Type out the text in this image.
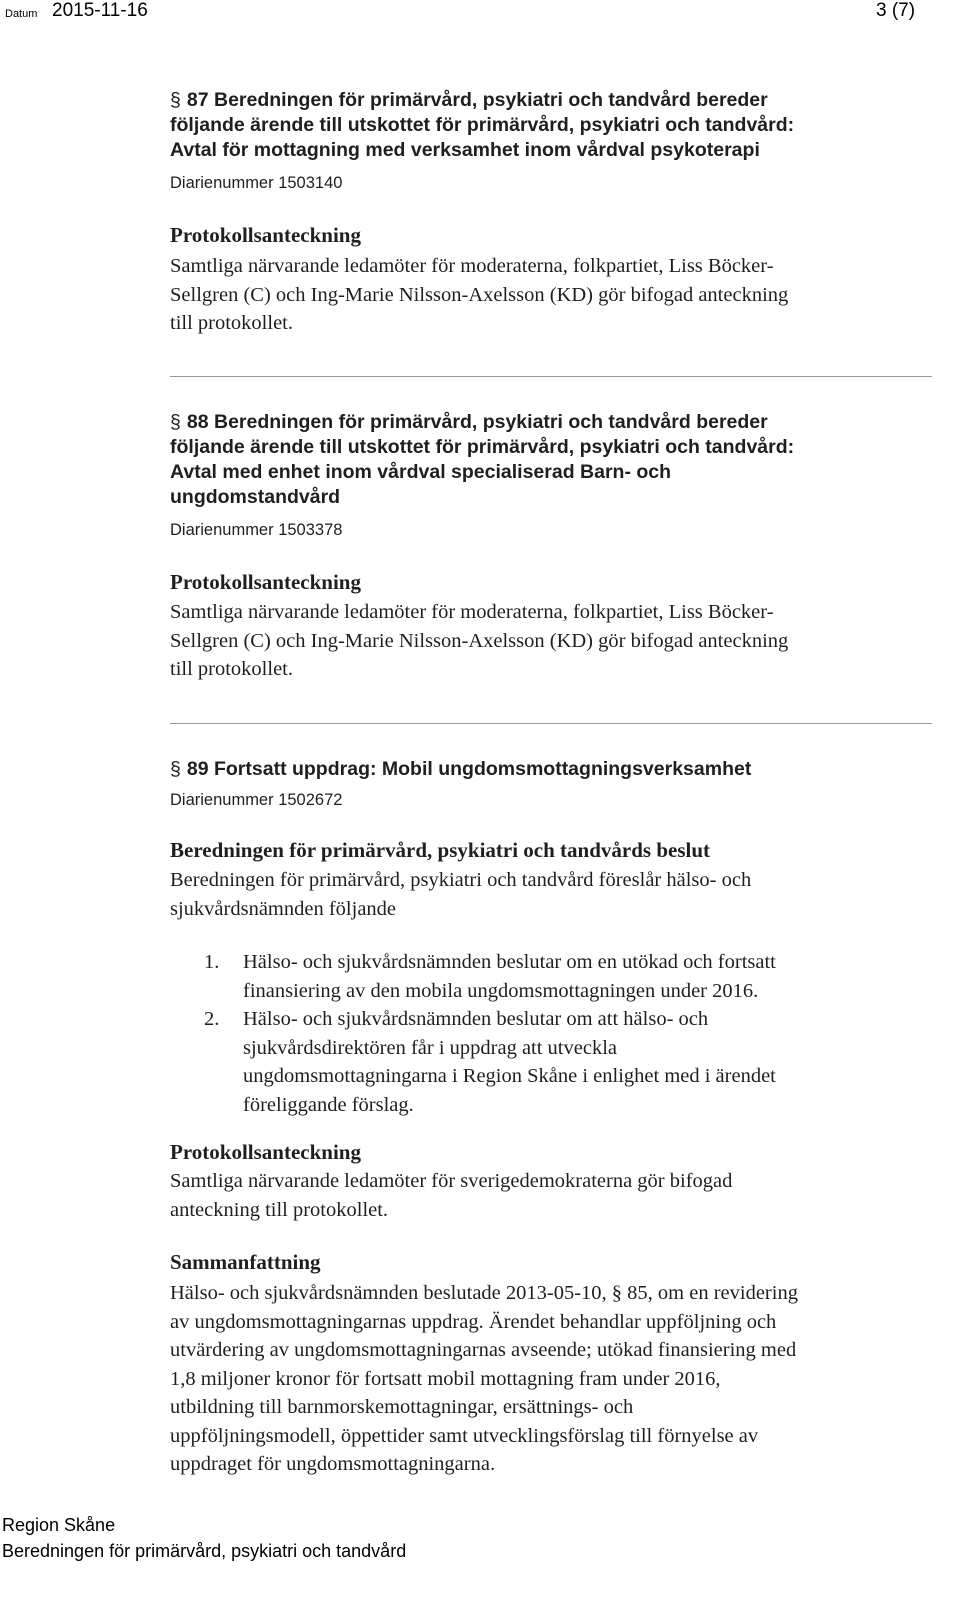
Datum 2015-11-16	3 (7)
§ 87 Beredningen för primärvård, psykiatri och tandvård bereder
följande ärende till utskottet för primärvård, psykiatri och tandvård:
Avtal för mottagning med verksamhet inom vårdval psykoterapi
Diarienummer 1503140
Protokollsanteckning
Samtliga närvarande ledamöter för moderaterna, folkpartiet, Liss Böcker-
Sellgren (C) och Ing-Marie Nilsson-Axelsson (KD) gör bifogad anteckning
till protokollet.
§ 88 Beredningen för primärvård, psykiatri och tandvård bereder
följande ärende till utskottet för primärvård, psykiatri och tandvård:
Avtal med enhet inom vårdval specialiserad Barn- och
ungdomstandvård
Diarienummer 1503378
Protokollsanteckning
Samtliga närvarande ledamöter för moderaterna, folkpartiet, Liss Böcker-
Sellgren (C) och Ing-Marie Nilsson-Axelsson (KD) gör bifogad anteckning
till protokollet.
§ 89 Fortsatt uppdrag: Mobil ungdomsmottagningsverksamhet
Diarienummer 1502672
Beredningen för primärvård, psykiatri och tandvårds beslut
Beredningen för primärvård, psykiatri och tandvård föreslår hälso- och
sjukvårdsnämnden följande
1. Hälso- och sjukvårdsnämnden beslutar om en utökad och fortsatt
finansiering av den mobila ungdomsmottagningen under 2016.
2. Hälso- och sjukvårdsnämnden beslutar om att hälso- och
sjukvårdsdirektören får i uppdrag att utveckla
ungdomsmottagningarna i Region Skåne i enlighet med i ärendet
föreliggande förslag.
Protokollsanteckning
Samtliga närvarande ledamöter för sverigedemokraterna gör bifogad
anteckning till protokollet.
Sammanfattning
Hälso- och sjukvårdsnämnden beslutade 2013-05-10, § 85, om en revidering
av ungdomsmottagningarnas uppdrag. Ärendet behandlar uppföljning och
utvärdering av ungdomsmottagningarnas avseende; utökad finansiering med
1,8 miljoner kronor för fortsatt mobil mottagning fram under 2016,
utbildning till barnmorskemottagningar, ersättnings- och
uppföljningsmodell, öppettider samt utvecklingsförslag till förnyelse av
uppdraget för ungdomsmottagningarna.
Region Skåne
Beredningen för primärvård, psykiatri och tandvård
